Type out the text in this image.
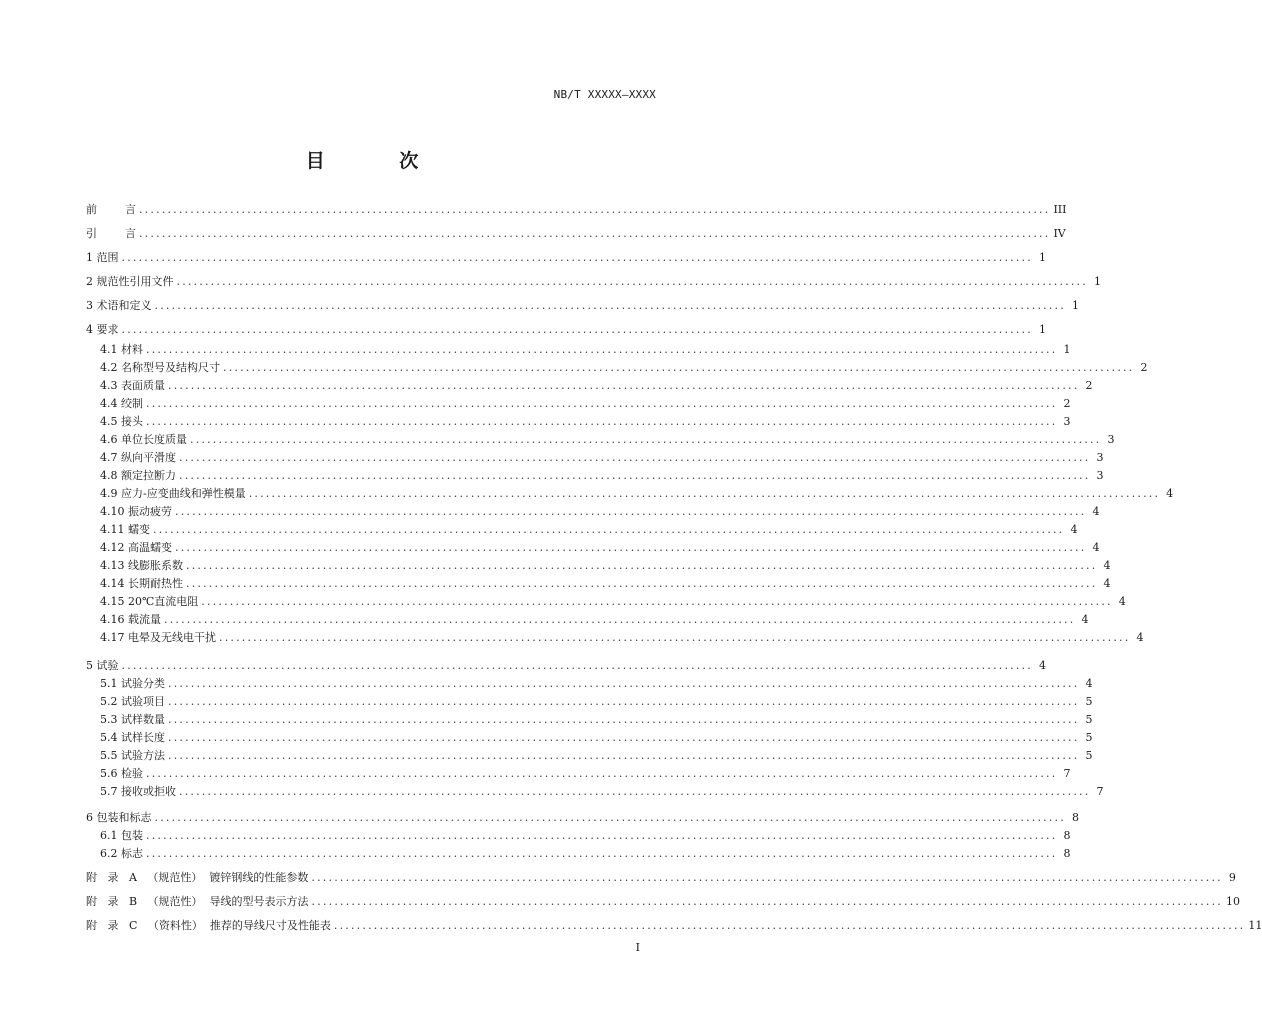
NB/T XXXXX—XXXX
目 次
前        言 ................................................................................................................................................................ III
引        言 ................................................................................................................................................................ IV
1 范围 ................................................................................................................................................................ 1
2 规范性引用文件 ................................................................................................................................................................ 1
3 术语和定义 ................................................................................................................................................................ 1
4 要求 ................................................................................................................................................................ 1
4.1 材料 ................................................................................................................................................................ 1
4.2 名称型号及结构尺寸 ................................................................................................................................................................ 2
4.3 表面质量 ................................................................................................................................................................ 2
4.4 绞制 ................................................................................................................................................................ 2
4.5 接头 ................................................................................................................................................................ 3
4.6 单位长度质量 ................................................................................................................................................................ 3
4.7 纵向平滑度 ................................................................................................................................................................ 3
4.8 额定拉断力 ................................................................................................................................................................ 3
4.9 应力-应变曲线和弹性模量 ................................................................................................................................................................ 4
4.10 振动疲劳 ................................................................................................................................................................ 4
4.11 蠕变 ................................................................................................................................................................ 4
4.12 高温蠕变 ................................................................................................................................................................ 4
4.13 线膨胀系数 ................................................................................................................................................................ 4
4.14 长期耐热性 ................................................................................................................................................................ 4
4.15 20℃直流电阻 ................................................................................................................................................................ 4
4.16 载流量 ................................................................................................................................................................ 4
4.17 电晕及无线电干扰 ................................................................................................................................................................ 4
5 试验 ................................................................................................................................................................ 4
5.1 试验分类 ................................................................................................................................................................ 4
5.2 试验项目 ................................................................................................................................................................ 5
5.3 试样数量 ................................................................................................................................................................ 5
5.4 试样长度 ................................................................................................................................................................ 5
5.5 试验方法 ................................................................................................................................................................ 5
5.6 检验 ................................................................................................................................................................ 7
5.7 接收或拒收 ................................................................................................................................................................ 7
6 包装和标志 ................................................................................................................................................................ 8
6.1 包装 ................................................................................................................................................................ 8
6.2 标志 ................................................................................................................................................................ 8
附   录   A   （规范性）  镀锌钢线的性能参数 ................................................................................................................................................................ 9
附   录   B   （规范性）  导线的型号表示方法 ................................................................................................................................................................ 10
附   录   C   （资料性）  推荐的导线尺寸及性能表 ................................................................................................................................................................ 11
I
